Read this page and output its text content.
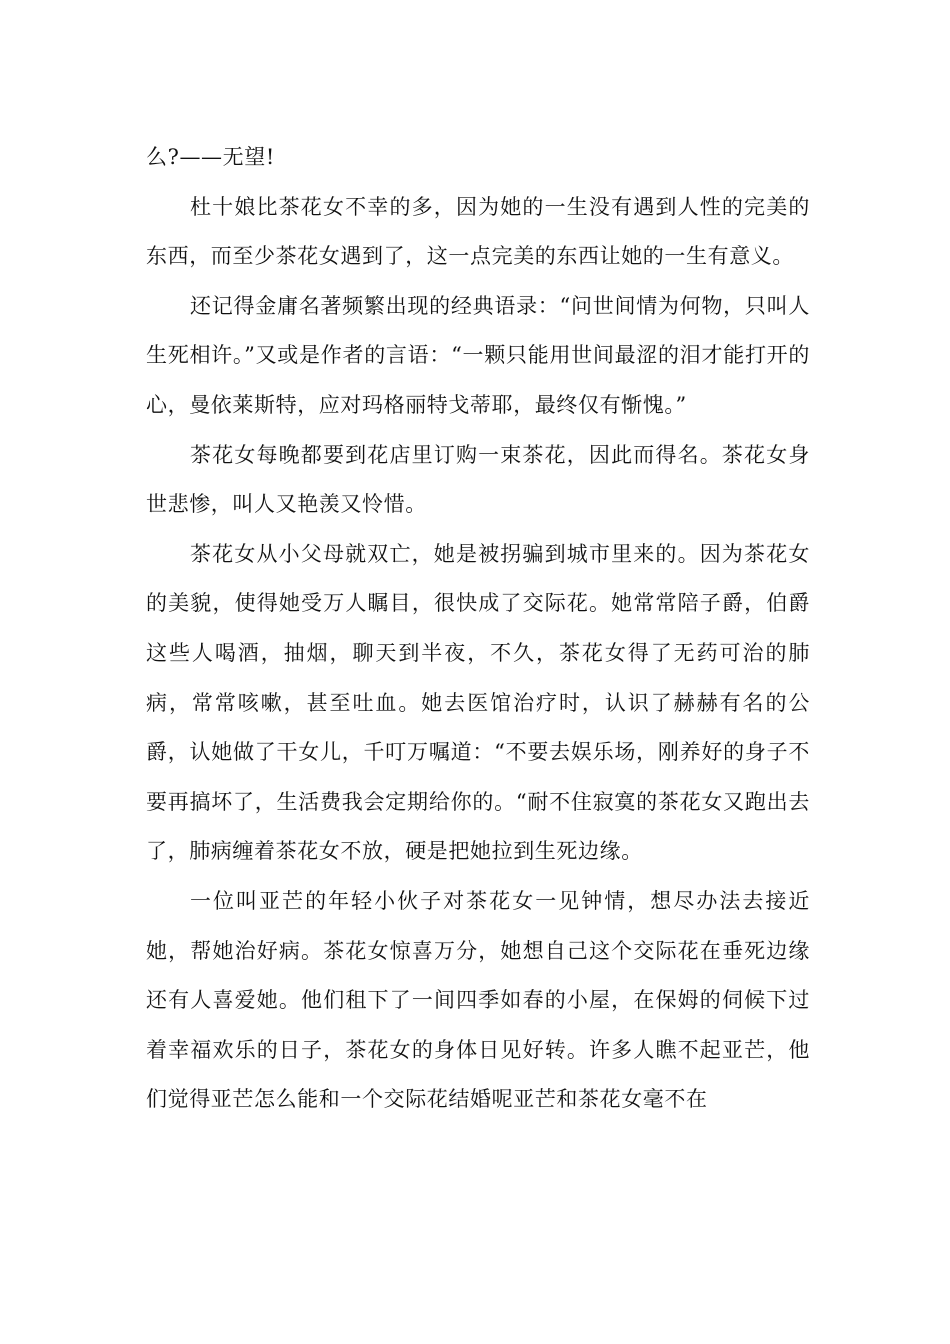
么?——无望!

杜十娘比茶花女不幸的多，因为她的一生没有遇到人性的完美的东西，而至少茶花女遇到了，这一点完美的东西让她的一生有意义。

还记得金庸名著频繁出现的经典语录：“问世间情为何物，只叫人生死相许。”又或是作者的言语：“一颗只能用世间最涩的泪才能打开的心，曼依莱斯特，应对玛格丽特戈蒂耶，最终仅有惭愧。”

茶花女每晚都要到花店里订购一束茶花，因此而得名。茶花女身世悲惨，叫人又艳羡又怜惜。

茶花女从小父母就双亡，她是被拐骗到城市里来的。因为茶花女的美貌，使得她受万人瞩目，很快成了交际花。她常常陪子爵，伯爵这些人喝酒，抽烟，聊天到半夜，不久，茶花女得了无药可治的肺病，常常咳嗽，甚至吐血。她去医馆治疗时，认识了赫赫有名的公爵，认她做了干女儿，千叮万嘱道：“不要去娱乐场，刚养好的身子不要再搞坏了，生活费我会定期给你的。“耐不住寂寞的茶花女又跑出去了，肺病缠着茶花女不放，硬是把她拉到生死边缘。

一位叫亚芒的年轻小伙子对茶花女一见钟情，想尽办法去接近她，帮她治好病。茶花女惊喜万分，她想自己这个交际花在垂死边缘还有人喜爱她。他们租下了一间四季如春的小屋，在保姆的伺候下过着幸福欢乐的日子，茶花女的身体日见好转。许多人瞧不起亚芒，他们觉得亚芒怎么能和一个交际花结婚呢亚芒和茶花女毫不在
